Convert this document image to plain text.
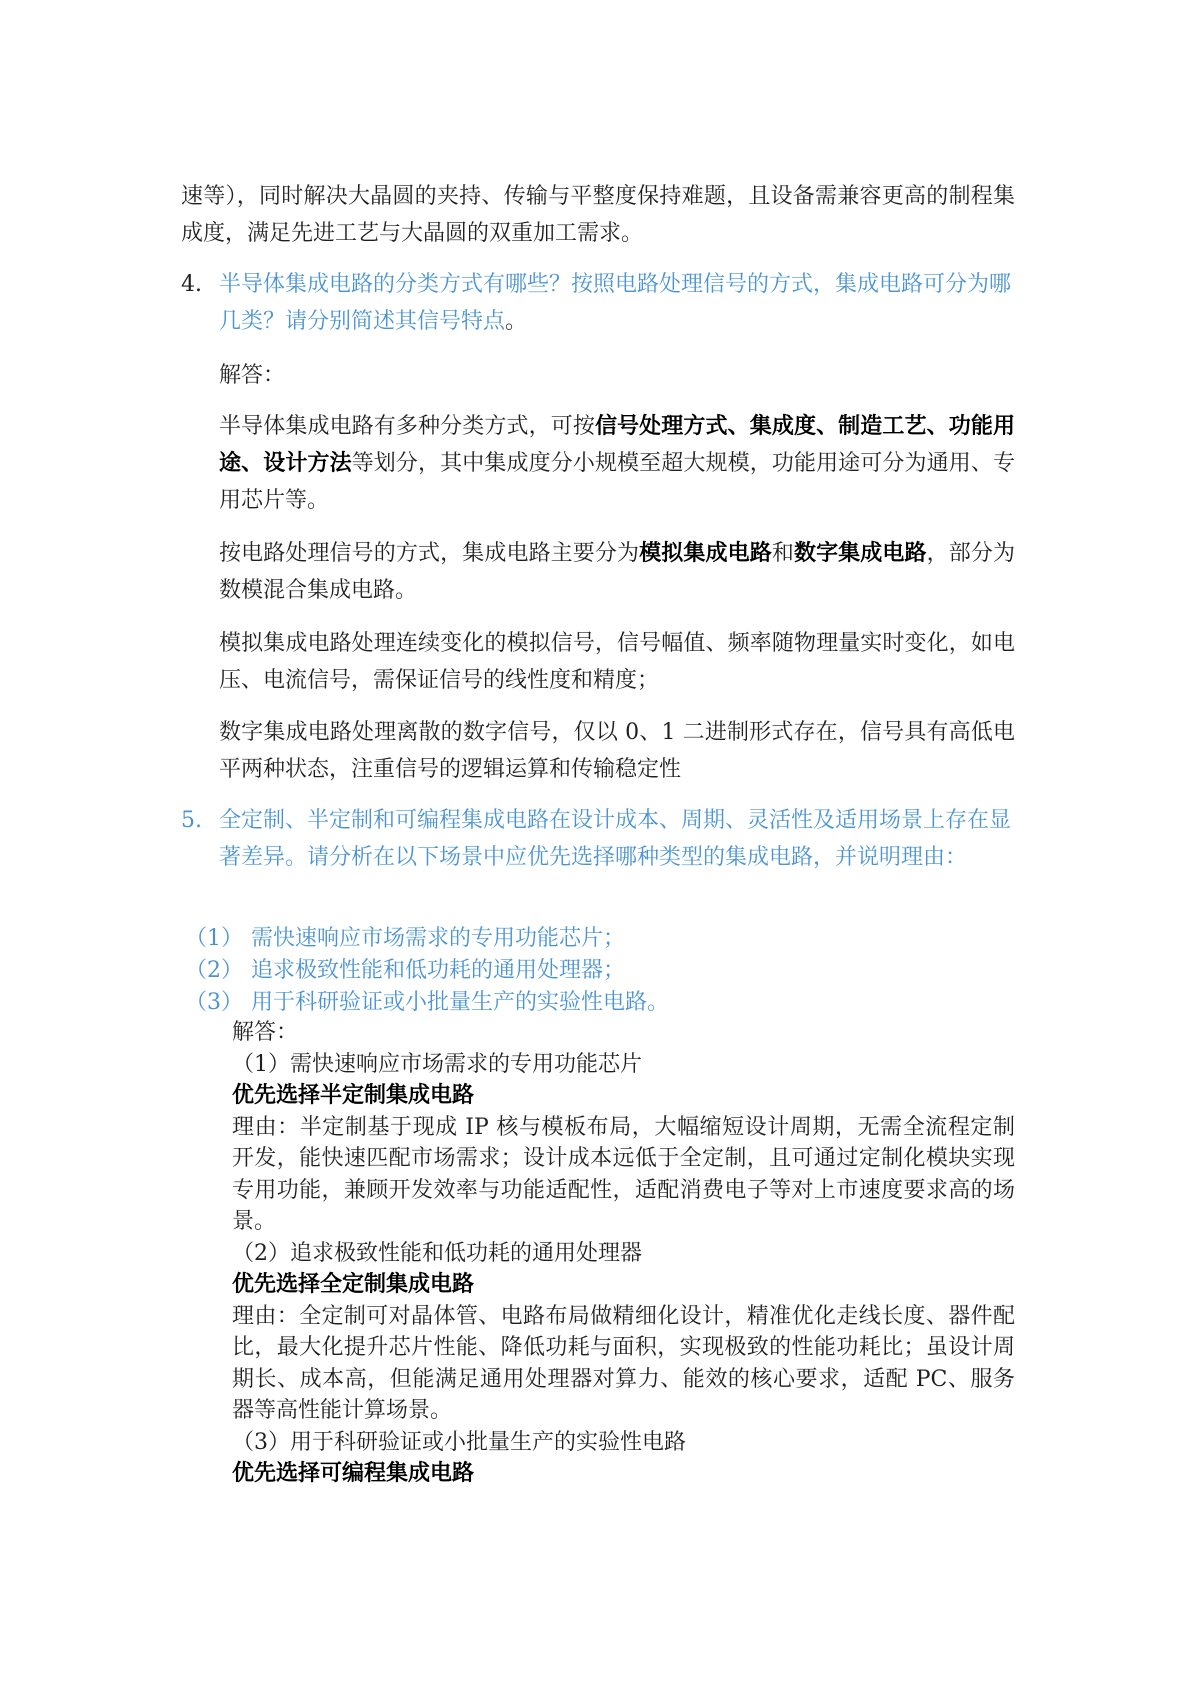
速等），同时解决大晶圆的夹持、传输与平整度保持难题，且设备需兼容更高的制程集成度，满足先进工艺与大晶圆的双重加工需求。

4. 半导体集成电路的分类方式有哪些？按照电路处理信号的方式，集成电路可分为哪几类？请分别简述其信号特点。

解答：

半导体集成电路有多种分类方式，可按信号处理方式、集成度、制造工艺、功能用途、设计方法等划分，其中集成度分小规模至超大规模，功能用途可分为通用、专用芯片等。

按电路处理信号的方式，集成电路主要分为模拟集成电路和数字集成电路，部分为数模混合集成电路。

模拟集成电路处理连续变化的模拟信号，信号幅值、频率随物理量实时变化，如电压、电流信号，需保证信号的线性度和精度；

数字集成电路处理离散的数字信号，仅以 0、1 二进制形式存在，信号具有高低电平两种状态，注重信号的逻辑运算和传输稳定性

5. 全定制、半定制和可编程集成电路在设计成本、周期、灵活性及适用场景上存在显著差异。请分析在以下场景中应优先选择哪种类型的集成电路，并说明理由：
（1） 需快速响应市场需求的专用功能芯片；
（2） 追求极致性能和低功耗的通用处理器；
（3） 用于科研验证或小批量生产的实验性电路。
解答：
（1）需快速响应市场需求的专用功能芯片
优先选择半定制集成电路
理由：半定制基于现成 IP 核与模板布局，大幅缩短设计周期，无需全流程定制开发，能快速匹配市场需求；设计成本远低于全定制，且可通过定制化模块实现专用功能，兼顾开发效率与功能适配性，适配消费电子等对上市速度要求高的场景。
（2）追求极致性能和低功耗的通用处理器
优先选择全定制集成电路
理由：全定制可对晶体管、电路布局做精细化设计，精准优化走线长度、器件配比，最大化提升芯片性能、降低功耗与面积，实现极致的性能功耗比；虽设计周期长、成本高，但能满足通用处理器对算力、能效的核心要求，适配 PC、服务器等高性能计算场景。
（3）用于科研验证或小批量生产的实验性电路
优先选择可编程集成电路
